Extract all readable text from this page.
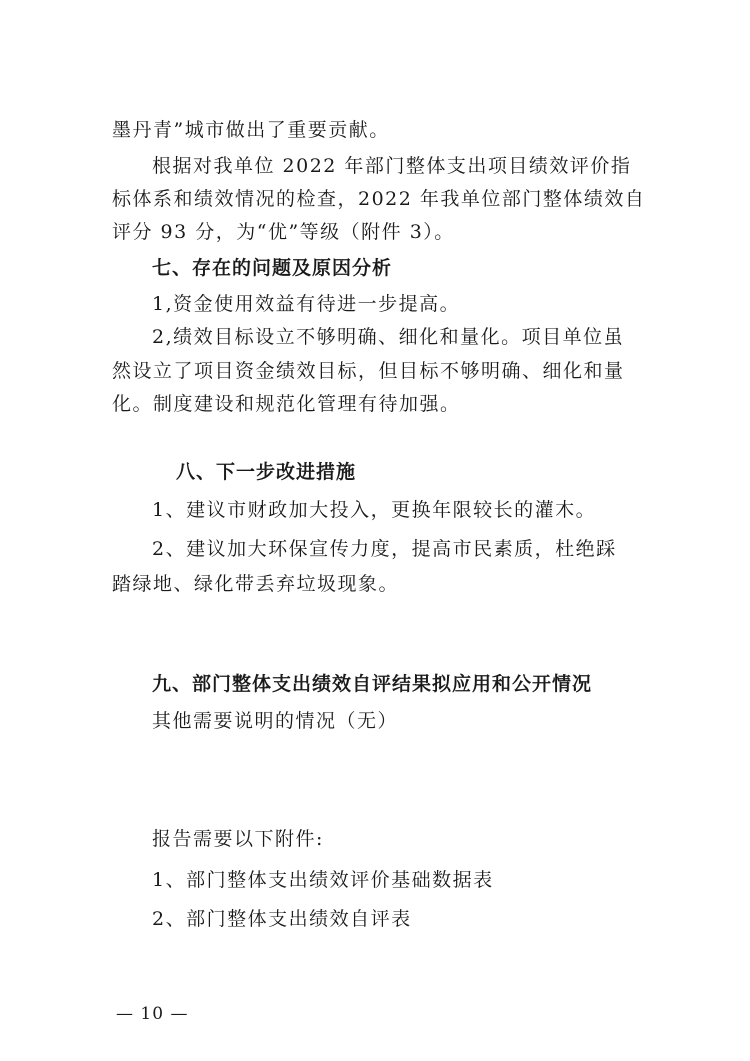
墨丹青”城市做出了重要贡献。
根据对我单位 2022 年部门整体支出项目绩效评价指
标体系和绩效情况的检查，2022 年我单位部门整体绩效自
评分 93 分，为“优”等级（附件 3）。
七、存在的问题及原因分析
1,资金使用效益有待进一步提高。
2,绩效目标设立不够明确、细化和量化。项目单位虽
然设立了项目资金绩效目标，但目标不够明确、细化和量
化。制度建设和规范化管理有待加强。
八、下一步改进措施
1、建议市财政加大投入，更换年限较长的灌木。
2、建议加大环保宣传力度，提高市民素质，杜绝踩
踏绿地、绿化带丢弃垃圾现象。
九、部门整体支出绩效自评结果拟应用和公开情况
其他需要说明的情况（无）
报告需要以下附件:
1、部门整体支出绩效评价基础数据表
2、部门整体支出绩效自评表
— 10 —
